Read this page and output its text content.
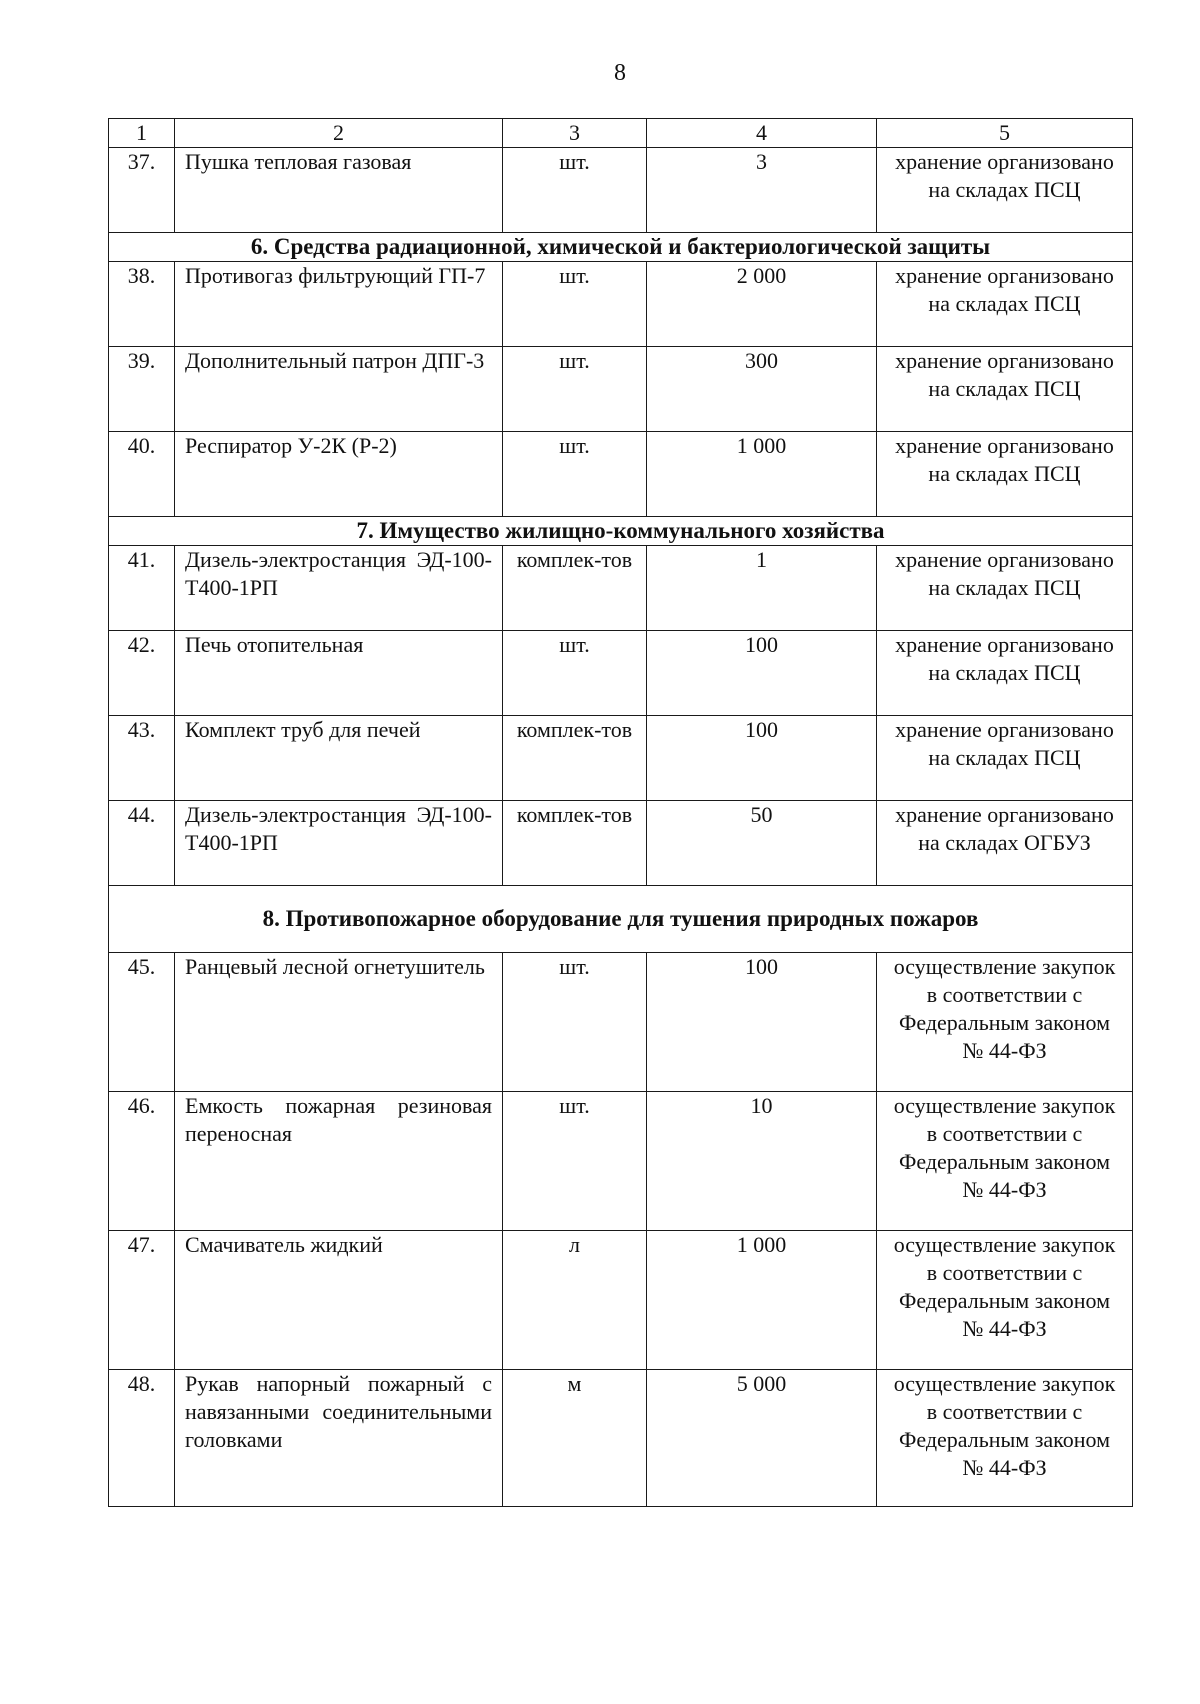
8
1	2	3	4	5
37.	Пушка тепловая газовая	шт.	3	хранение организовано на складах ПСЦ
6. Средства радиационной, химической и бактериологической защиты				
38.	Противогаз фильтрующий ГП-7	шт.	2 000	хранение организовано на складах ПСЦ
39.	Дополнительный патрон ДПГ-3	шт.	300	хранение организовано на складах ПСЦ
40.	Респиратор У-2К (Р-2)	шт.	1 000	хранение организовано на складах ПСЦ
7. Имущество жилищно-коммунального хозяйства				
41.	Дизель-электростанция ЭД-100-Т400-1РП	комплек-тов	1	хранение организовано на складах ПСЦ
42.	Печь отопительная	шт.	100	хранение организовано на складах ПСЦ
43.	Комплект труб для печей	комплек-тов	100	хранение организовано на складах ПСЦ
44.	Дизель-электростанция ЭД-100-Т400-1РП	комплек-тов	50	хранение организовано на складах ОГБУЗ
8. Противопожарное оборудование для тушения природных пожаров				
45.	Ранцевый лесной огнетушитель	шт.	100	осуществление закупок в соответствии с Федеральным законом № 44-ФЗ
46.	Емкость пожарная резиновая переносная	шт.	10	осуществление закупок в соответствии с Федеральным законом № 44-ФЗ
47.	Смачиватель жидкий	л	1 000	осуществление закупок в соответствии с Федеральным законом № 44-ФЗ
48.	Рукав напорный пожарный с навязанными соединительными головками	м	5 000	осуществление закупок в соответствии с Федеральным законом № 44-ФЗ
